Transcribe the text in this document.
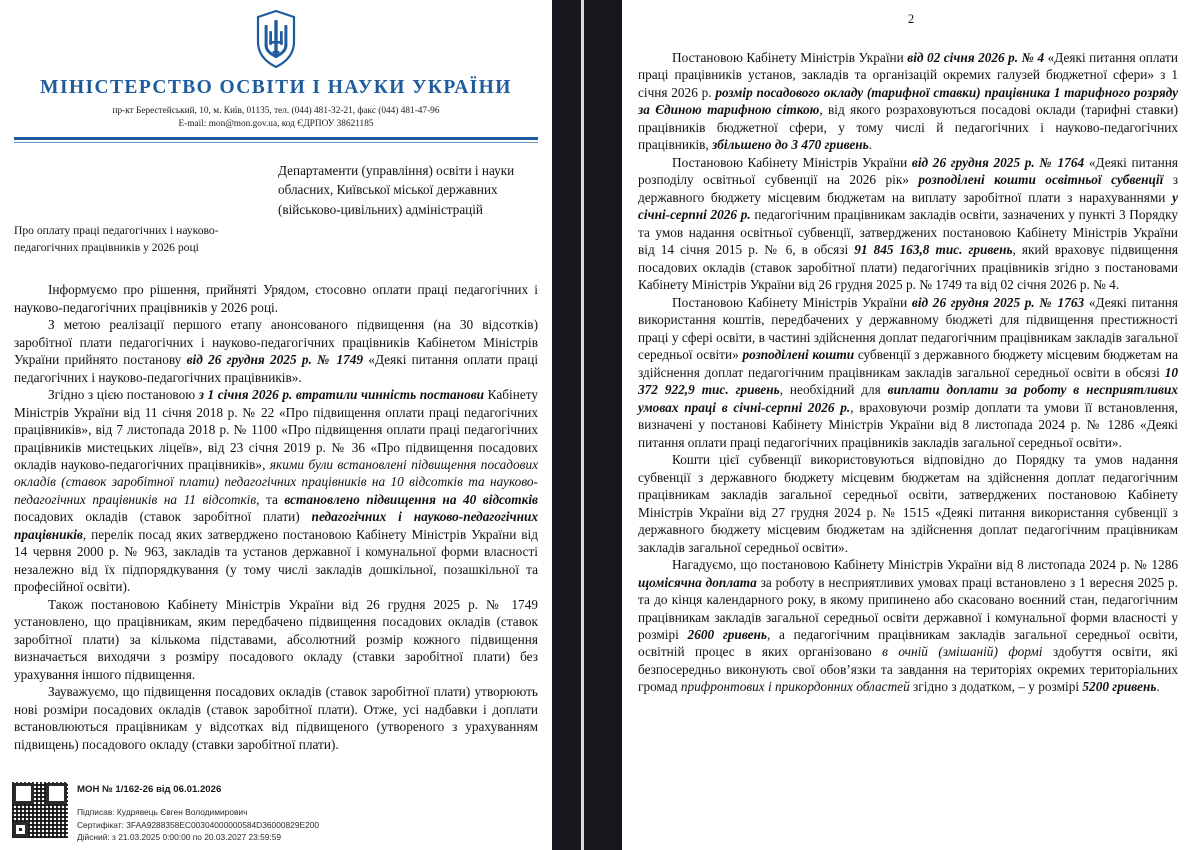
МІНІСТЕРСТВО ОСВІТИ І НАУКИ УКРАЇНИ
пр-кт Берестейський, 10, м. Київ, 01135, тел. (044) 481-32-21, факс (044) 481-47-96
E-mail: mon@mon.gov.ua, код ЄДРПОУ 38621185
Департаменти (управління) освіти і науки обласних, Київської міської державних (військово-цивільних) адміністрацій
Про оплату праці педагогічних і науково-педагогічних працівників у 2026 році

Інформуємо про рішення, прийняті Урядом, стосовно оплати праці педагогічних і науково-педагогічних працівників у 2026 році.

З метою реалізації першого етапу анонсованого підвищення (на 30 відсотків) заробітної плати педагогічних і науково-педагогічних працівників Кабінетом Міністрів України прийнято постанову від 26 грудня 2025 р. № 1749 «Деякі питання оплати праці педагогічних і науково-педагогічних працівників».

Згідно з цією постановою з 1 січня 2026 р. втратили чинність постанови Кабінету Міністрів України від 11 січня 2018 р. № 22 «Про підвищення оплати праці педагогічних працівників», від 7 листопада 2018 р. № 1100 «Про підвищення оплати праці педагогічних працівників мистецьких ліцеїв», від 23 січня 2019 р. № 36 «Про підвищення посадових окладів науково-педагогічних працівників», якими були встановлені підвищення посадових окладів (ставок заробітної плати) педагогічних працівників на 10 відсотків та науково-педагогічних працівників на 11 відсотків, та встановлено підвищення на 40 відсотків посадових окладів (ставок заробітної плати) педагогічних і науково-педагогічних працівників, перелік посад яких затверджено постановою Кабінету Міністрів України від 14 червня 2000 р. № 963, закладів та установ державної і комунальної форми власності незалежно від їх підпорядкування (у тому числі закладів дошкільної, позашкільної та професійної освіти).

Також постановою Кабінету Міністрів України від 26 грудня 2025 р. № 1749 установлено, що працівникам, яким передбачено підвищення посадових окладів (ставок заробітної плати) за кількома підставами, абсолютний розмір кожного підвищення визначається виходячи з розміру посадового окладу (ставки заробітної плати) без урахування іншого підвищення.

Зауважуємо, що підвищення посадових окладів (ставок заробітної плати) утворюють нові розміри посадових окладів (ставок заробітної плати). Отже, усі надбавки і доплати встановлюються працівникам у відсотках від підвищеного (утвореного з урахуванням підвищень) посадового окладу (ставки заробітної плати).

МОН № 1/162-26 від 06.01.2026
Підписав: Кудрявець Євген Володимирович
Сертифікат: 3FAA9288358EC00304000000584D36000829E200
Дійсний: з 21.03.2025 0:00:00 по 20.03.2027 23:59:59
2

Постановою Кабінету Міністрів України від 02 січня 2026 р. № 4 «Деякі питання оплати праці працівників установ, закладів та організацій окремих галузей бюджетної сфери» з 1 січня 2026 р. розмір посадового окладу (тарифної ставки) працівника 1 тарифного розряду за Єдиною тарифною сіткою, від якого розраховуються посадові оклади (тарифні ставки) працівників бюджетної сфери, у тому числі й педагогічних і науково-педагогічних працівників, збільшено до 3 470 гривень.

Постановою Кабінету Міністрів України від 26 грудня 2025 р. № 1764 «Деякі питання розподілу освітньої субвенції на 2026 рік» розподілені кошти освітньої субвенції з державного бюджету місцевим бюджетам на виплату заробітної плати з нарахуваннями у січні-серпні 2026 р. педагогічним працівникам закладів освіти, зазначених у пункті 3 Порядку та умов надання освітньої субвенції, затверджених постановою Кабінету Міністрів України від 14 січня 2015 р. № 6, в обсязі 91 845 163,8 тис. гривень, який враховує підвищення посадових окладів (ставок заробітної плати) педагогічних працівників згідно з постановами Кабінету Міністрів України від 26 грудня 2025 р. № 1749 та від 02 січня 2026 р. № 4.

Постановою Кабінету Міністрів України від 26 грудня 2025 р. № 1763 «Деякі питання використання коштів, передбачених у державному бюджеті для підвищення престижності праці у сфері освіти, в частині здійснення доплат педагогічним працівникам закладів загальної середньої освіти» розподілені кошти субвенції з державного бюджету місцевим бюджетам на здійснення доплат педагогічним працівникам закладів загальної середньої освіти в обсязі 10 372 922,9 тис. гривень, необхідний для виплати доплати за роботу в несприятливих умовах праці в січні-серпні 2026 р., враховуючи розмір доплати та умови її встановлення, визначені у постанові Кабінету Міністрів України від 8 листопада 2024 р. № 1286 «Деякі питання оплати праці педагогічних працівників закладів загальної середньої освіти».

Кошти цієї субвенції використовуються відповідно до Порядку та умов надання субвенції з державного бюджету місцевим бюджетам на здійснення доплат педагогічним працівникам закладів загальної середньої освіти, затверджених постановою Кабінету Міністрів України від 27 грудня 2024 р. № 1515 «Деякі питання використання субвенції з державного бюджету місцевим бюджетам на здійснення доплат педагогічним працівникам закладів загальної середньої освіти».

Нагадуємо, що постановою Кабінету Міністрів України від 8 листопада 2024 р. № 1286 щомісячна доплата за роботу в несприятливих умовах праці встановлено з 1 вересня 2025 р. та до кінця календарного року, в якому припинено або скасовано воєнний стан, педагогічним працівникам закладів загальної середньої освіти державної і комунальної форми власності у розмірі 2600 гривень, а педагогічним працівникам закладів загальної середньої освіти, освітній процес в яких організовано в очній (змішаній) формі здобуття освіти, які безпосередньо виконують свої обов’язки та завдання на територіях окремих територіальних громад прифронтових і прикордонних областей згідно з додатком, – у розмірі 5200 гривень.
